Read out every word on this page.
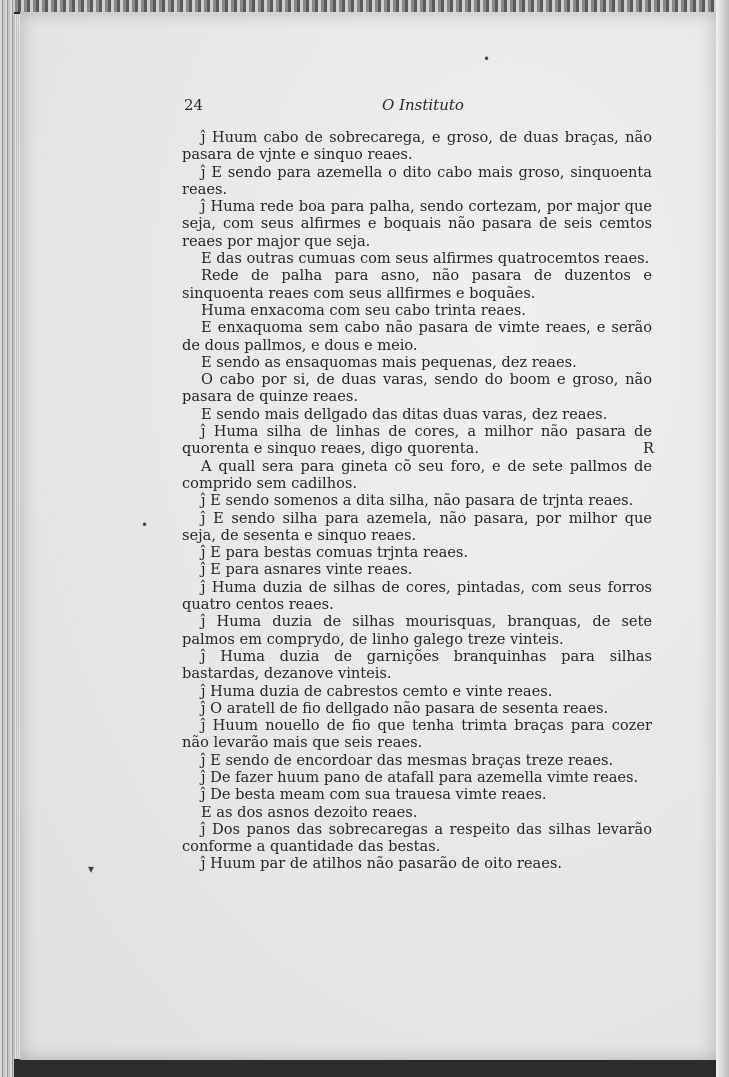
24	O Instituto
•
•
▾

ĵ Huum cabo de sobrecarega, e groso, de duas braças, não pasara de vjnte e sinquo reaes.

ĵ E sendo para azemella o dito cabo mais groso, sinquoenta reaes.

ĵ Huma rede boa para palha, sendo cortezam, por major que seja, com seus alfirmes e boquais não pasara de seis cemtos reaes por major que seja.

E das outras cumuas com seus alfirmes quatrocemtos reaes.

Rede de palha para asno, não pasara de duzentos e sinquoenta reaes com seus allfirmes e boquães.

Huma enxacoma com seu cabo trinta reaes.

E enxaquoma sem cabo não pasara de vimte reaes, e serão de dous pallmos, e dous e meio.

E sendo as ensaquomas mais pequenas, dez reaes.

O cabo por si, de duas varas, sendo do boom e groso, não pasara de quinze reaes.

E sendo mais dellgado das ditas duas varas, dez reaes.

ĵ Huma silha de linhas de cores, a milhor não pasara de quorenta e sinquo reaes, digo quorenta.	R

A quall sera para gineta cõ seu foro, e de sete pallmos de comprido sem cadilhos.

ĵ E sendo somenos a dita silha, não pasara de trjnta reaes.

ĵ E sendo silha para azemela, não pasara, por milhor que seja, de sesenta e sinquo reaes.

ĵ E para bestas comuas trjnta reaes.

ĵ E para asnares vinte reaes.

ĵ Huma duzia de silhas de cores, pintadas, com seus forros quatro centos reaes.

ĵ Huma duzia de silhas mourisquas, branquas, de sete palmos em comprydo, de linho galego treze vinteis.

ĵ Huma duzia de garnições branquinhas para silhas bastardas, dezanove vinteis.

ĵ Huma duzia de cabrestos cemto e vinte reaes.

ĵ O aratell de fio dellgado não pasara de sesenta reaes.

ĵ Huum nouello de fio que tenha trimta braças para cozer não levarão mais que seis reaes.

ĵ E sendo de encordoar das mesmas braças treze reaes.

ĵ De fazer huum pano de atafall para azemella vimte reaes.

ĵ De besta meam com sua trauesa vimte reaes.

E as dos asnos dezoito reaes.

ĵ Dos panos das sobrecaregas a respeito das silhas levarão conforme a quantidade das bestas.

ĵ Huum par de atilhos não pasarão de oito reaes.
